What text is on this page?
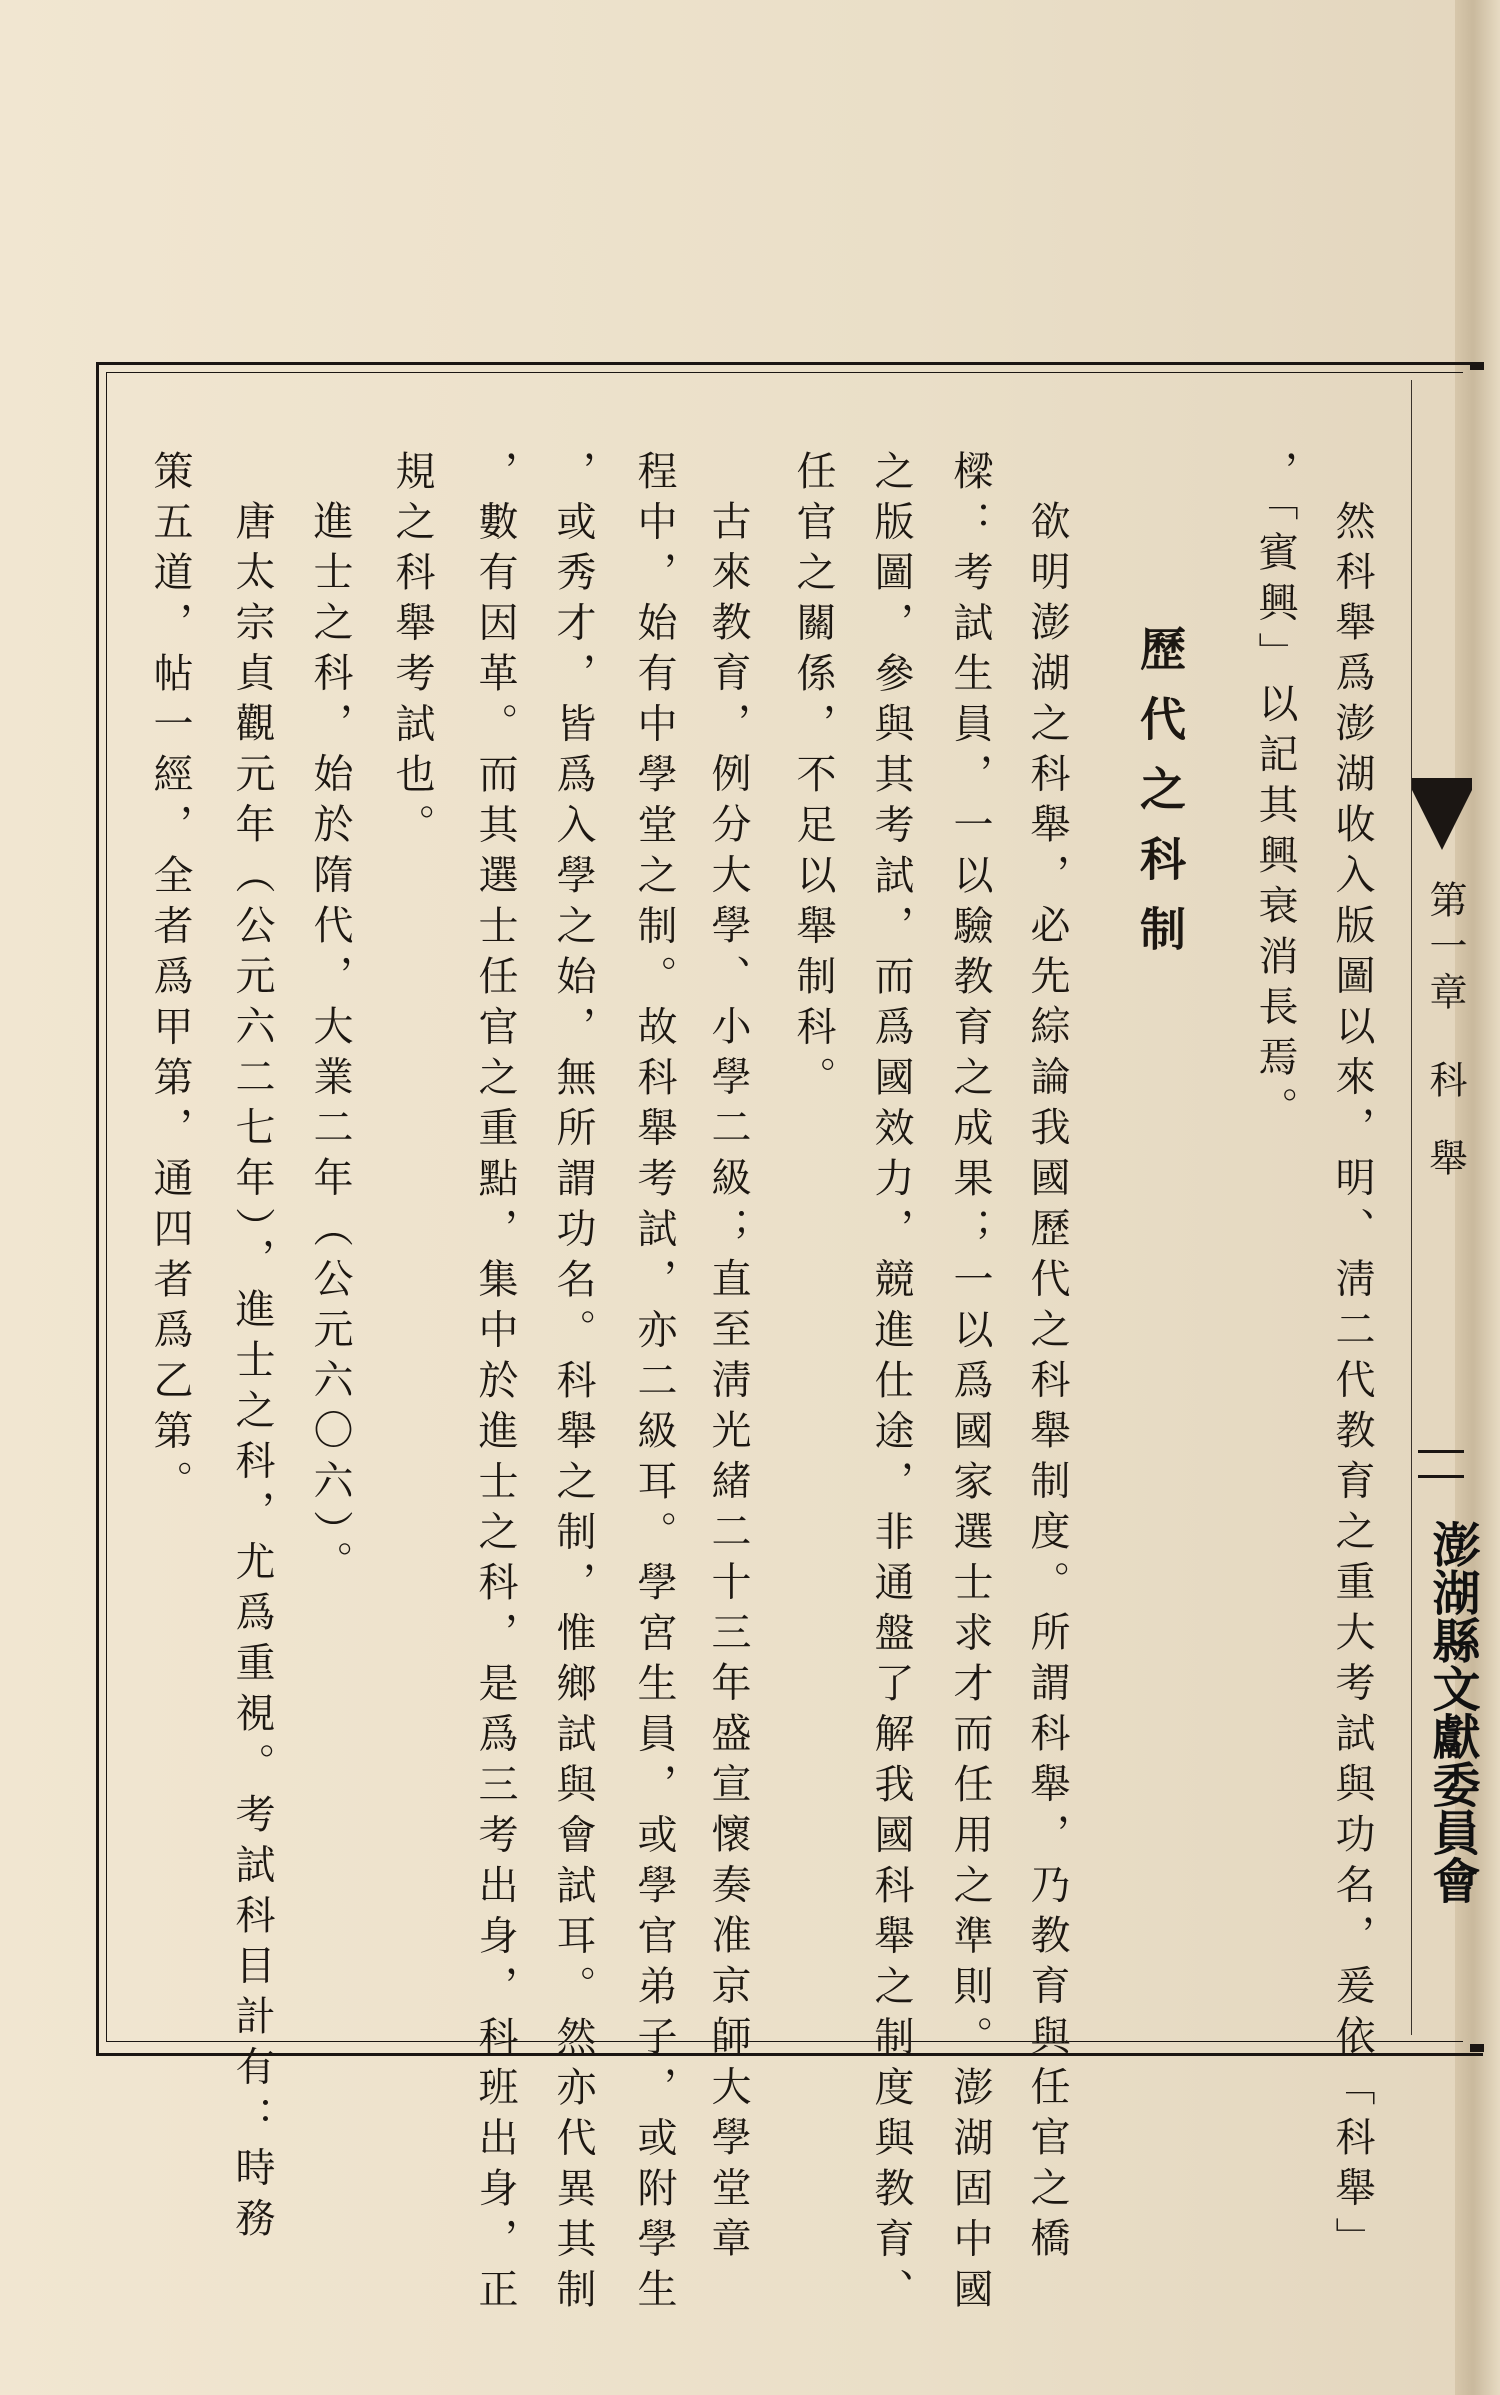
第一章
科舉
澎湖縣文獻委員會
然科舉爲澎湖收入版圖以來，明、淸二代教育之重大考試與功名，爰依「科舉」
，「賓興」以記其興衰消長焉。
歷代之科制
欲明澎湖之科舉，必先綜論我國歷代之科舉制度。所謂科舉，乃教育與任官之橋
樑：考試生員，一以驗教育之成果；一以爲國家選士求才而任用之準則。澎湖固中國
之版圖，參與其考試，而爲國效力，競進仕途，非通盤了解我國科舉之制度與教育、
任官之關係，不足以舉制科。
古來教育，例分大學、小學二級；直至淸光緒二十三年盛宣懷奏准京師大學堂章
程中，始有中學堂之制。故科舉考試，亦二級耳。學宮生員，或學官弟子，或附學生
，或秀才，皆爲入學之始，無所謂功名。科舉之制，惟鄉試與會試耳。然亦代異其制
，數有因革。而其選士任官之重點，集中於進士之科，是爲三考出身，科班出身，正
規之科舉考試也。
進士之科，始於隋代，大業二年（公元六〇六）。
唐太宗貞觀元年（公元六二七年），進士之科，尤爲重視。考試科目計有：時務
策五道，帖一經，全者爲甲第，通四者爲乙第。
